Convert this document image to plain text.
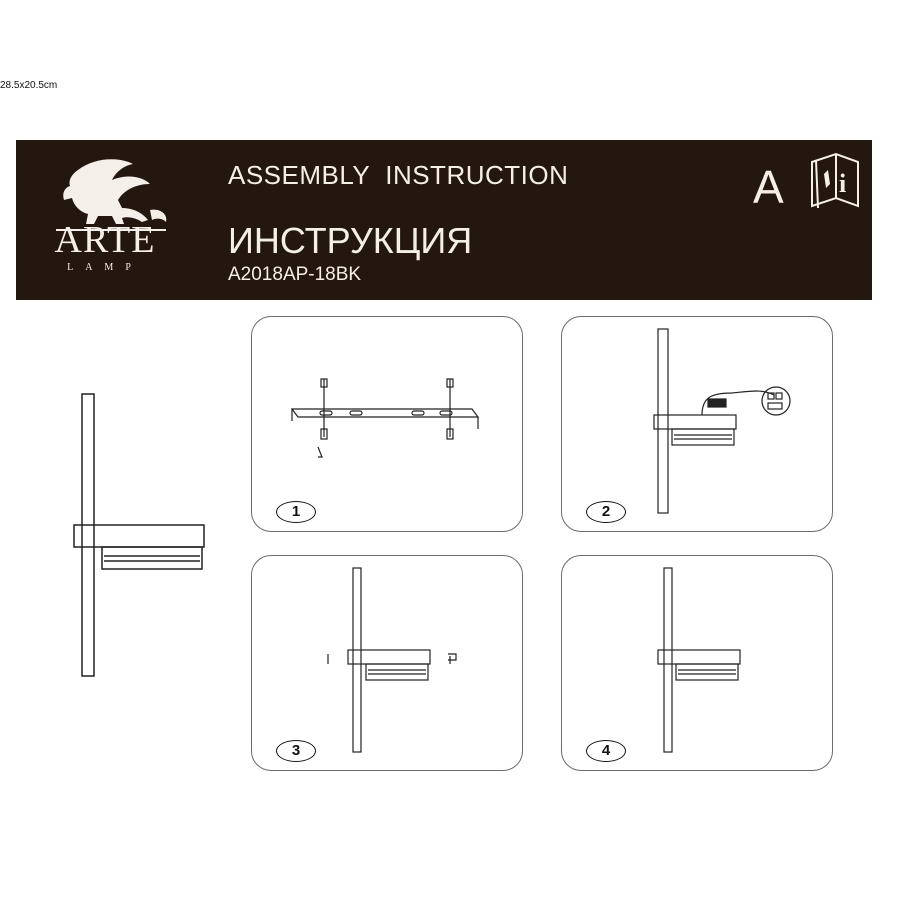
28.5x20.5cm
ARTE
LAMP
ASSEMBLY  INSTRUCTION
ИНСТРУКЦИЯ
A2018AP-18BK
A i
1	2
3	4
